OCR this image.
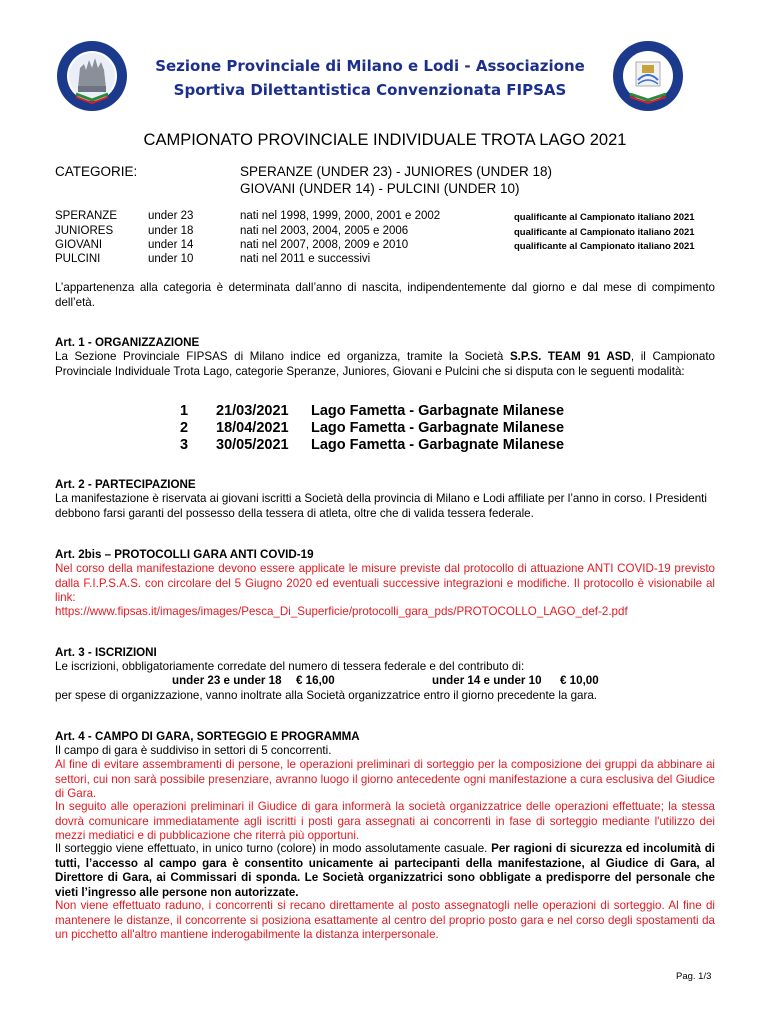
Sezione Provinciale di Milano e Lodi - Associazione
Sportiva Dilettantistica Convenzionata FIPSAS
CAMPIONATO PROVINCIALE INDIVIDUALE TROTA LAGO 2021
CATEGORIE:	SPERANZE (UNDER 23) - JUNIORES (UNDER 18)
GIOVANI (UNDER 14) - PULCINI (UNDER 10)
SPERANZE	under 23	nati nel 1998, 1999, 2000, 2001 e 2002	qualificante al Campionato italiano 2021
JUNIORES	under 18	nati nel 2003, 2004, 2005 e 2006	qualificante al Campionato italiano 2021
GIOVANI	under 14	nati nel 2007, 2008, 2009 e 2010	qualificante al Campionato italiano 2021
PULCINI	under 10	nati nel 2011 e successivi
L’appartenenza alla categoria è determinata dall’anno di nascita, indipendentemente dal giorno e dal mese di compimento dell’età.
Art. 1 - ORGANIZZAZIONE
La Sezione Provinciale FIPSAS di Milano indice ed organizza, tramite la Società S.P.S. TEAM 91 ASD, il Campionato Provinciale Individuale Trota Lago, categorie Speranze, Juniores, Giovani e Pulcini che si disputa con le seguenti modalità:
1 21/03/2021 Lago Fametta - Garbagnate Milanese
2 18/04/2021 Lago Fametta - Garbagnate Milanese
3 30/05/2021 Lago Fametta - Garbagnate Milanese
Art. 2 - PARTECIPAZIONE
La manifestazione è riservata ai giovani iscritti a Società della provincia di Milano e Lodi affiliate per l’anno in corso. I Presidenti debbono farsi garanti del possesso della tessera di atleta, oltre che di valida tessera federale.
Art. 2bis – PROTOCOLLI GARA ANTI COVID-19
Nel corso della manifestazione devono essere applicate le misure previste dal protocollo di attuazione ANTI COVID-19 previsto dalla F.I.P.S.A.S. con circolare del 5 Giugno 2020 ed eventuali successive integrazioni e modifiche. Il protocollo è visionabile al link:
https://www.fipsas.it/images/images/Pesca_Di_Superficie/protocolli_gara_pds/PROTOCOLLO_LAGO_def-2.pdf
Art. 3 - ISCRIZIONI
Le iscrizioni, obbligatoriamente corredate del numero di tessera federale e del contributo di:
under 23 e under 18 € 16,00	under 14 e under 10 € 10,00
per spese di organizzazione, vanno inoltrate alla Società organizzatrice entro il giorno precedente la gara.
Art. 4 - CAMPO DI GARA, SORTEGGIO E PROGRAMMA
Il campo di gara è suddiviso in settori di 5 concorrenti.
Al fine di evitare assembramenti di persone, le operazioni preliminari di sorteggio per la composizione dei gruppi da abbinare ai settori, cui non sarà possibile presenziare, avranno luogo il giorno antecedente ogni manifestazione a cura esclusiva del Giudice di Gara.
In seguito alle operazioni preliminari il Giudice di gara informerà la società organizzatrice delle operazioni effettuate; la stessa dovrà comunicare immediatamente agli iscritti i posti gara assegnati ai concorrenti in fase di sorteggio mediante l'utilizzo dei mezzi mediatici e di pubblicazione che riterrà più opportuni.
Il sorteggio viene effettuato, in unico turno (colore) in modo assolutamente casuale. Per ragioni di sicurezza ed incolumità di tutti, l’accesso al campo gara è consentito unicamente ai partecipanti della manifestazione, al Giudice di Gara, al Direttore di Gara, ai Commissari di sponda. Le Società organizzatrici sono obbligate a predisporre del personale che vieti l’ingresso alle persone non autorizzate.
Non viene effettuato raduno, i concorrenti si recano direttamente al posto assegnatogli nelle operazioni di sorteggio. Al fine di mantenere le distanze, il concorrente si posiziona esattamente al centro del proprio posto gara e nel corso degli spostamenti da un picchetto all'altro mantiene inderogabilmente la distanza interpersonale.
Pag. 1/3
